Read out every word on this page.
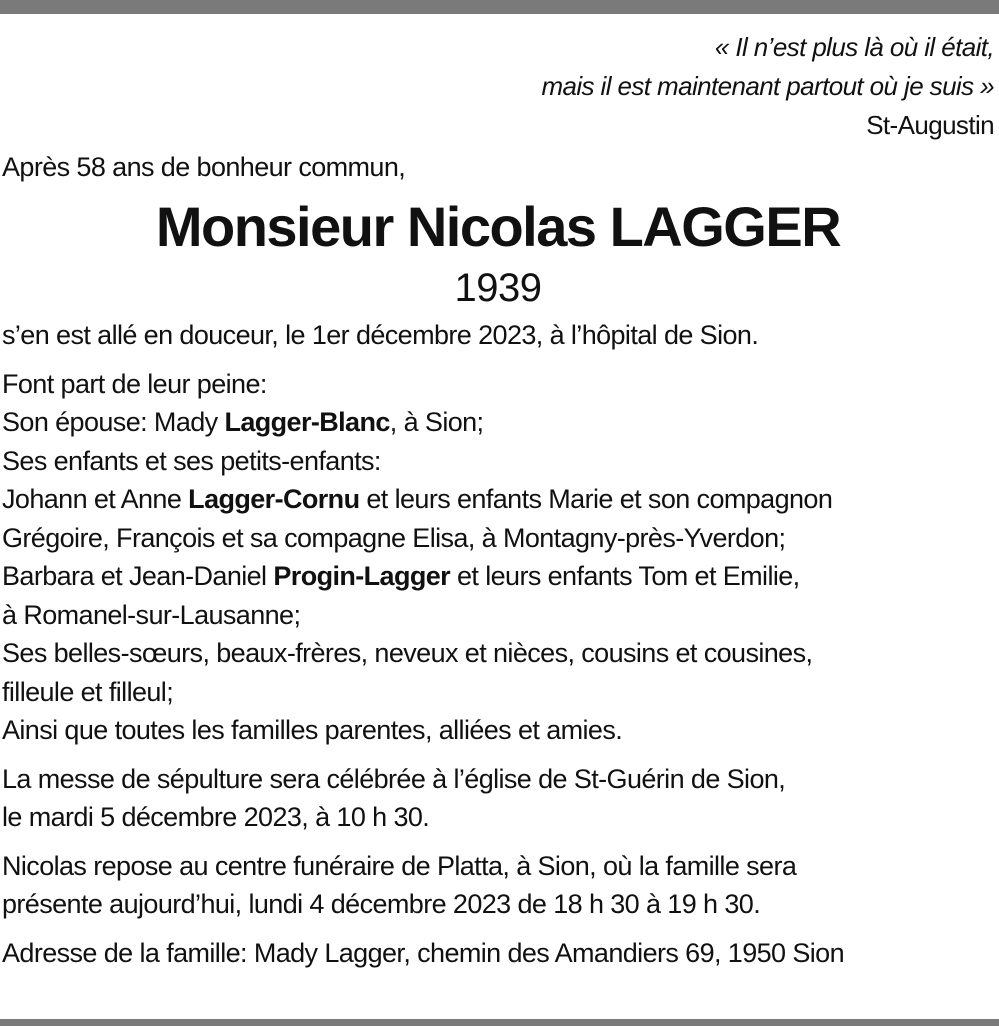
« Il n’est plus là où il était,
mais il est maintenant partout où je suis »
St-Augustin
Après 58 ans de bonheur commun,
Monsieur Nicolas LAGGER
1939

s’en est allé en douceur, le 1er décembre 2023, à l’hôpital de Sion.

Font part de leur peine:
Son épouse: Mady Lagger-Blanc, à Sion;
Ses enfants et ses petits-enfants:
Johann et Anne Lagger-Cornu et leurs enfants Marie et son compagnon
Grégoire, François et sa compagne Elisa, à Montagny-près-Yverdon;
Barbara et Jean-Daniel Progin-Lagger et leurs enfants Tom et Emilie,
à Romanel-sur-Lausanne;
Ses belles-sœurs, beaux-frères, neveux et nièces, cousins et cousines,
filleule et filleul;
Ainsi que toutes les familles parentes, alliées et amies.
La messe de sépulture sera célébrée à l’église de St-Guérin de Sion,
le mardi 5 décembre 2023, à 10 h 30.
Nicolas repose au centre funéraire de Platta, à Sion, où la famille sera
présente aujourd’hui, lundi 4 décembre 2023 de 18 h 30 à 19 h 30.
Adresse de la famille: Mady Lagger, chemin des Amandiers 69, 1950 Sion
